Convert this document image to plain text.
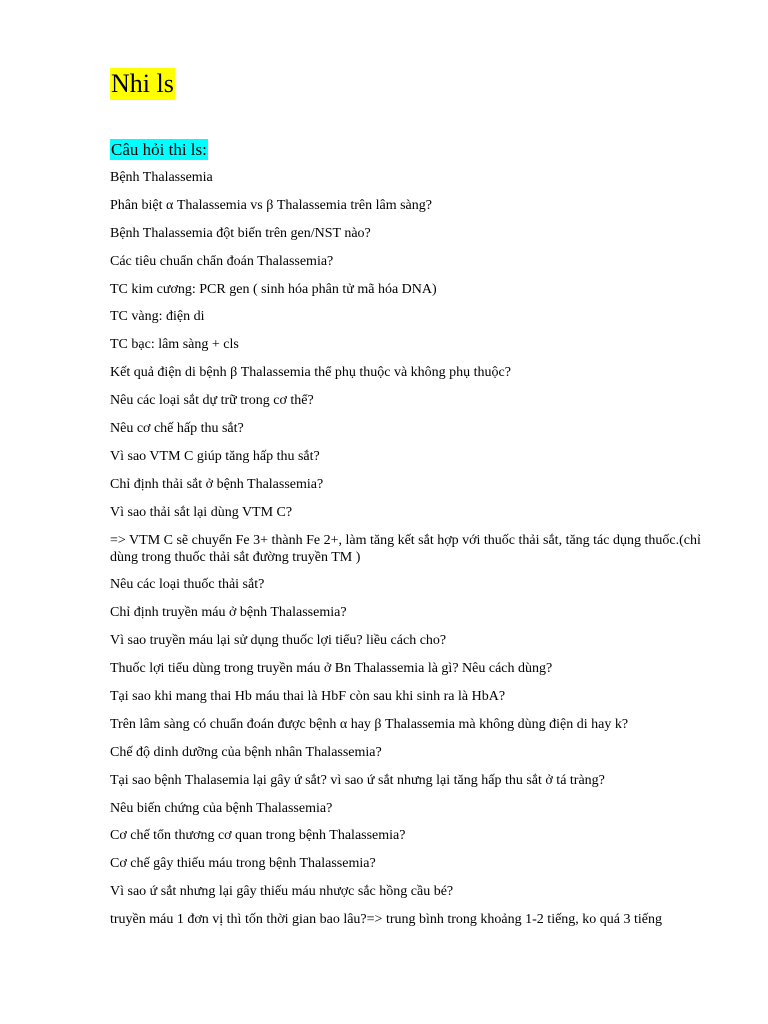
Nhi ls
Câu hỏi thi ls:
Bệnh Thalassemia
Phân biệt α Thalassemia vs β Thalassemia trên lâm sàng?
Bệnh Thalassemia đột biến trên gen/NST nào?
Các tiêu chuẩn chẩn đoán Thalassemia?
TC kim cương: PCR gen ( sinh hóa phân tử mã hóa DNA)
TC vàng: điện di
TC bạc: lâm sàng + cls
Kết quả điện di bệnh β Thalassemia thể phụ thuộc và không phụ thuộc?
Nêu các loại sắt dự trữ trong cơ thể?
Nêu cơ chế hấp thu sắt?
Vì sao VTM C giúp tăng hấp thu sắt?
Chỉ định thải sắt ở bệnh Thalassemia?
Vì sao thải sắt lại dùng VTM C?
=> VTM C sẽ chuyển Fe 3+ thành Fe 2+, làm tăng kết sắt hợp với thuốc thải sắt, tăng tác dụng thuốc.(chỉ dùng trong thuốc thải sắt đường truyền TM )
Nêu các loại thuốc thải sắt?
Chỉ định truyền máu ở bệnh Thalassemia?
Vì sao truyền máu lại sử dụng thuốc lợi tiểu? liều cách cho?
Thuốc lợi tiểu dùng trong truyền máu ở Bn Thalassemia là gì? Nêu cách dùng?
Tại sao khi mang thai Hb máu thai là HbF còn sau khi sinh ra là HbA?
Trên lâm sàng có chuẩn đoán được bệnh α hay β Thalassemia mà không dùng điện di hay k?
Chế độ dinh dưỡng của bệnh nhân Thalassemia?
Tại sao bệnh Thalasemia lại gây ứ sắt? vì sao ứ sắt nhưng lại tăng hấp thu sắt ở tá tràng?
Nêu biến chứng của bệnh Thalassemia?
Cơ chế tổn thương cơ quan trong bệnh Thalassemia?
Cơ chế gây thiếu máu trong bệnh Thalassemia?
Vì sao ứ sắt nhưng lại gây thiếu máu nhược sắc hồng cầu bé?
truyền máu 1 đơn vị thì tốn thời gian bao lâu?=> trung bình trong khoảng 1-2 tiếng, ko quá 3 tiếng
